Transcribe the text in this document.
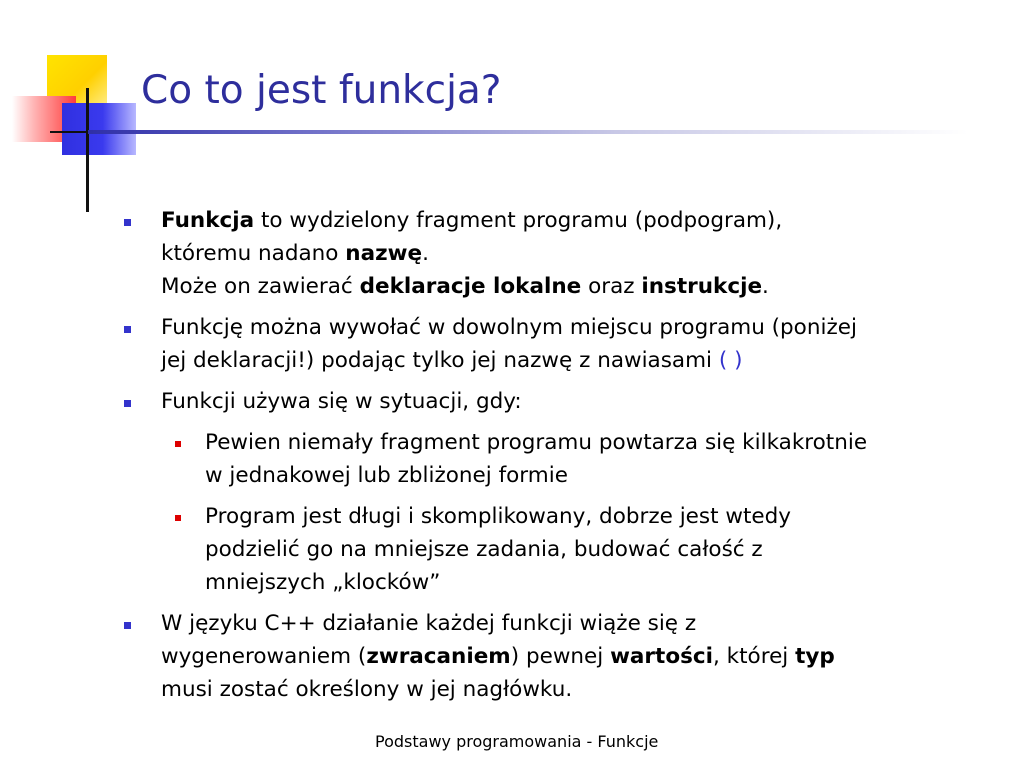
Co to jest funkcja?
Funkcja to wydzielony fragment programu (podpogram),
któremu nadano nazwę.
Może on zawierać deklaracje lokalne oraz instrukcje.
Funkcję można wywołać w dowolnym miejscu programu (poniżej
jej deklaracji!) podając tylko jej nazwę z nawiasami ( )
Funkcji używa się w sytuacji, gdy:
Pewien niemały fragment programu powtarza się kilkakrotnie
w jednakowej lub zbliżonej formie
Program jest długi i skomplikowany, dobrze jest wtedy
podzielić go na mniejsze zadania, budować całość z
mniejszych „klocków”
W języku C++ działanie każdej funkcji wiąże się z
wygenerowaniem (zwracaniem) pewnej wartości, której typ
musi zostać określony w jej nagłówku.
Podstawy programowania - Funkcje
